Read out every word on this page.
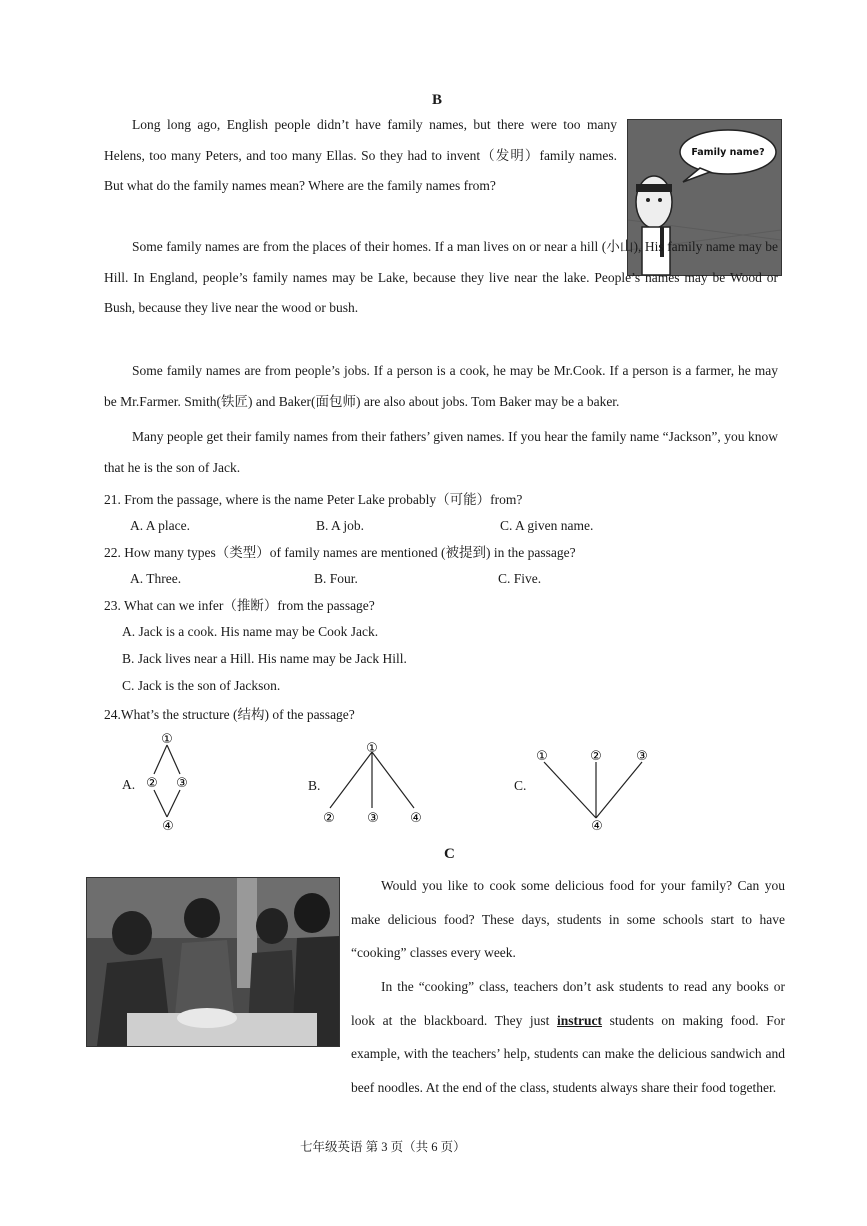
B
Long long ago, English people didn’t have family names, but there were too many Helens, too many Peters, and too many Ellas. So they had to invent（发明）family names. But what do the family names mean? Where are the family names from?
Family name?
Some family names are from the places of their homes. If a man lives on or near a hill (小山), His family name may be Hill. In England, people’s family names may be Lake, because they live near the lake. People’s names may be Wood or Bush, because they live near the wood or bush.
Some family names are from people’s jobs. If a person is a cook, he may be Mr.Cook. If a person is a farmer, he may be Mr.Farmer. Smith(铁匠) and Baker(面包师) are also about jobs. Tom Baker may be a baker.
Many people get their family names from their fathers’ given names. If you hear the family name “Jackson”, you know that he is the son of Jack.
21. From the passage, where is the name Peter Lake probably（可能）from?
A. A place.	B. A job.	C. A given name.
22. How many types（类型）of family names are mentioned (被提到) in the passage?
A. Three.	B. Four.	C. Five.
23. What can we infer（推断）from the passage?
A. Jack is a cook. His name may be Cook Jack.
B. Jack lives near a Hill. His name may be Jack Hill.
C. Jack is the son of Jackson.
24.What’s the structure (结构) of the passage?
A.
①
② ③
④
B.
①
② ③ ④
C.
①	②	③
④
C
Would you like to cook some delicious food for your family? Can you make delicious food? These days, students in some schools start to have “cooking” classes every week.
In the “cooking” class, teachers don’t ask students to read any books or look at the blackboard. They just instruct students on making food. For example, with the teachers’ help, students can make the delicious sandwich and beef noodles. At the end of the class, students always share their food together.
七年级英语 第 3 页（共 6 页）
